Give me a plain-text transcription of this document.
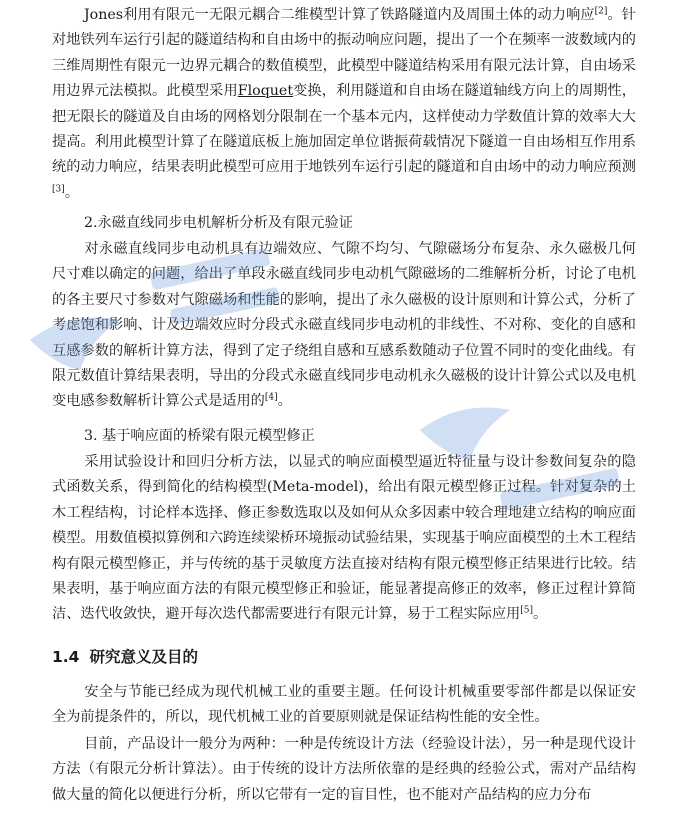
Jones利用有限元一无限元耦合二维模型计算了铁路隧道内及周围土体的动力响应[2]。针对地铁列车运行引起的隧道结构和自由场中的振动响应问题，提出了一个在频率一波数域内的三维周期性有限元一边界元耦合的数值模型，此模型中隧道结构采用有限元法计算，自由场采用边界元法模拟。此模型采用Floquet变换，利用隧道和自由场在隧道轴线方向上的周期性，把无限长的隧道及自由场的网格划分限制在一个基本元内，这样使动力学数值计算的效率大大提高。利用此模型计算了在隧道底板上施加固定单位谐振荷载情况下隧道一自由场相互作用系统的动力响应，结果表明此模型可应用于地铁列车运行引起的隧道和自由场中的动力响应预测[3]。
2.永磁直线同步电机解析分析及有限元验证
对永磁直线同步电动机具有边端效应、气隙不均匀、气隙磁场分布复杂、永久磁极几何尺寸难以确定的问题，给出了单段永磁直线同步电动机气隙磁场的二维解析分析，讨论了电机的各主要尺寸参数对气隙磁场和性能的影响，提出了永久磁极的设计原则和计算公式，分析了考虑饱和影响、计及边端效应时分段式永磁直线同步电动机的非线性、不对称、变化的自感和互感参数的解析计算方法，得到了定子绕组自感和互感系数随动子位置不同时的变化曲线。有限元数值计算结果表明，导出的分段式永磁直线同步电动机永久磁极的设计计算公式以及电机变电感参数解析计算公式是适用的[4]。
3. 基于响应面的桥梁有限元模型修正
采用试验设计和回归分析方法，以显式的响应面模型逼近特征量与设计参数间复杂的隐式函数关系，得到简化的结构模型(Meta-model)，给出有限元模型修正过程。针对复杂的土木工程结构，讨论样本选择、修正参数选取以及如何从众多因素中较合理地建立结构的响应面模型。用数值模拟算例和六跨连续梁桥环境振动试验结果，实现基于响应面模型的土木工程结构有限元模型修正，并与传统的基于灵敏度方法直接对结构有限元模型修正结果进行比较。结果表明，基于响应面方法的有限元模型修正和验证，能显著提高修正的效率，修正过程计算简洁、迭代收敛快，避开每次迭代都需要进行有限元计算，易于工程实际应用[5]。
1.4 研究意义及目的
安全与节能已经成为现代机械工业的重要主题。任何设计机械重要零部件都是以保证安全为前提条件的，所以，现代机械工业的首要原则就是保证结构性能的安全性。
目前，产品设计一般分为两种：一种是传统设计方法（经验设计法），另一种是现代设计方法（有限元分析计算法）。由于传统的设计方法所依靠的是经典的经验公式，需对产品结构做大量的简化以便进行分析，所以它带有一定的盲目性，也不能对产品结构的应力分布
